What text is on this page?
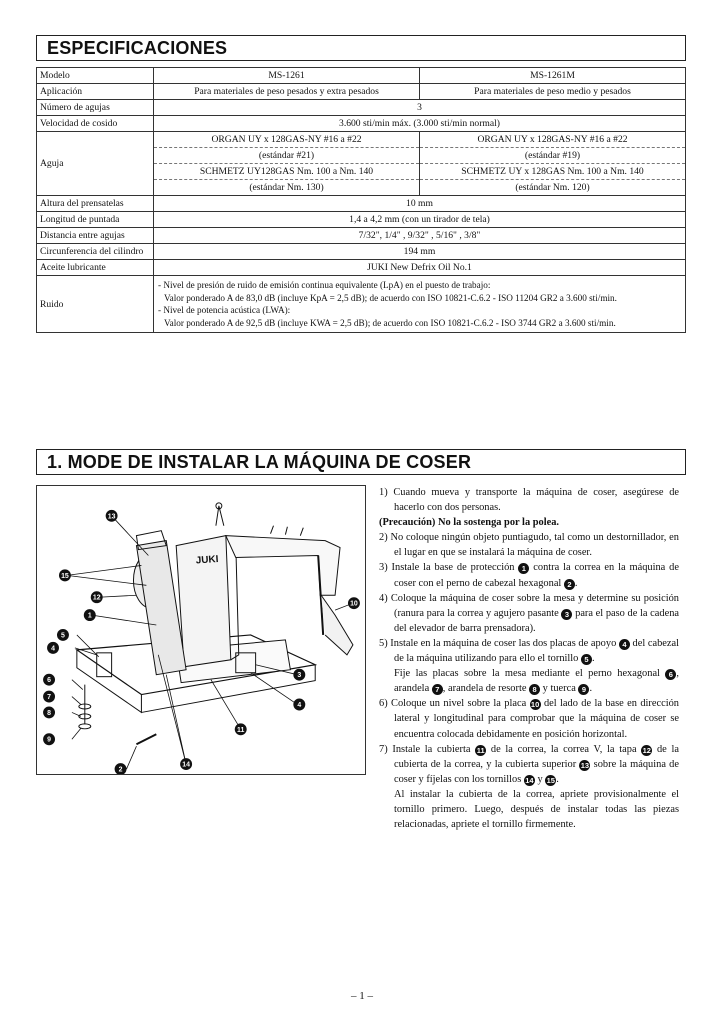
ESPECIFICACIONES
Modelo	MS-1261	MS-1261M
Aplicación	Para materiales de peso pesados y extra pesados	Para materiales de peso medio y pesados
Número de agujas	3	
Velocidad de cosido	3.600 sti/min máx. (3.000 sti/min normal)	
Aguja	ORGAN UY x 128GAS-NY #16 a #22	ORGAN UY x 128GAS-NY #16 a #22
	(estándar #21)	(estándar #19)
	SCHMETZ UY128GAS Nm. 100 a Nm. 140	SCHMETZ UY x 128GAS Nm. 100 a Nm. 140
	(estándar Nm. 130)	(estándar Nm. 120)
Altura del prensatelas	10 mm	
Longitud de puntada	1,4 a 4,2 mm (con un tirador de tela)	
Distancia entre agujas	7/32", 1/4" , 9/32" , 5/16" , 3/8"	
Circunferencia del cilindro	194 mm	
Aceite lubricante	JUKI New Defrix Oil No.1	
Ruido	- Nivel de presión de ruido de emisión continua equivalente (LpA) en el puesto de trabajo:
Valor ponderado A de 83,0 dB (incluye KpA = 2,5 dB); de acuerdo con ISO 10821-C.6.2 - ISO 11204 GR2 a 3.600 sti/min.
- Nivel de potencia acústica (LWA):
Valor ponderado A de 92,5 dB (incluye KWA = 2,5 dB); de acuerdo con ISO 10821-C.6.2 - ISO 3744 GR2 a 3.600 sti/min.	
1. MODE DE INSTALAR LA MÁQUINA DE COSER
JUKI
13
15
12
1
5
4
6
7
8
9
2
14
11
3
4
10

1) Cuando mueva y transporte la máquina de coser, asegúrese de hacerlo con dos personas.

(Precaución) No la sostenga por la polea.

2) No coloque ningún objeto puntiagudo, tal como un destornillador, en el lugar en que se instalará la máquina de coser.

3) Instale la base de protección 1 contra la correa en la máquina de coser con el perno de cabezal hexagonal 2 .

4) Coloque la máquina de coser sobre la mesa y determine su posición (ranura para la correa y agujero pasante 3 para el paso de la cadena del elevador de barra prensadora).

5) Instale en la máquina de coser las dos placas de apoyo 4 del cabezal de la máquina utilizando para ello el tornillo 5 .

Fije las placas sobre la mesa mediante el perno hexagonal 6 , arandela 7 , arandela de resorte 8 y tuerca 9 .

6) Coloque un nivel sobre la placa 10 del lado de la base en dirección lateral y longitudinal para comprobar que la máquina de coser se encuentra colocada debidamente en posición horizontal.

7) Instale la cubierta 11 de la correa, la correa V, la tapa 12 de la cubierta de la correa, y la cubierta superior 13 sobre la máquina de coser y fíjelas con los tornillos 14 y 15.

Al instalar la cubierta de la correa, apriete provisionalmente el tornillo primero. Luego, después de instalar todas las piezas relacionadas, apriete el tornillo firmemente.

– 1 –
